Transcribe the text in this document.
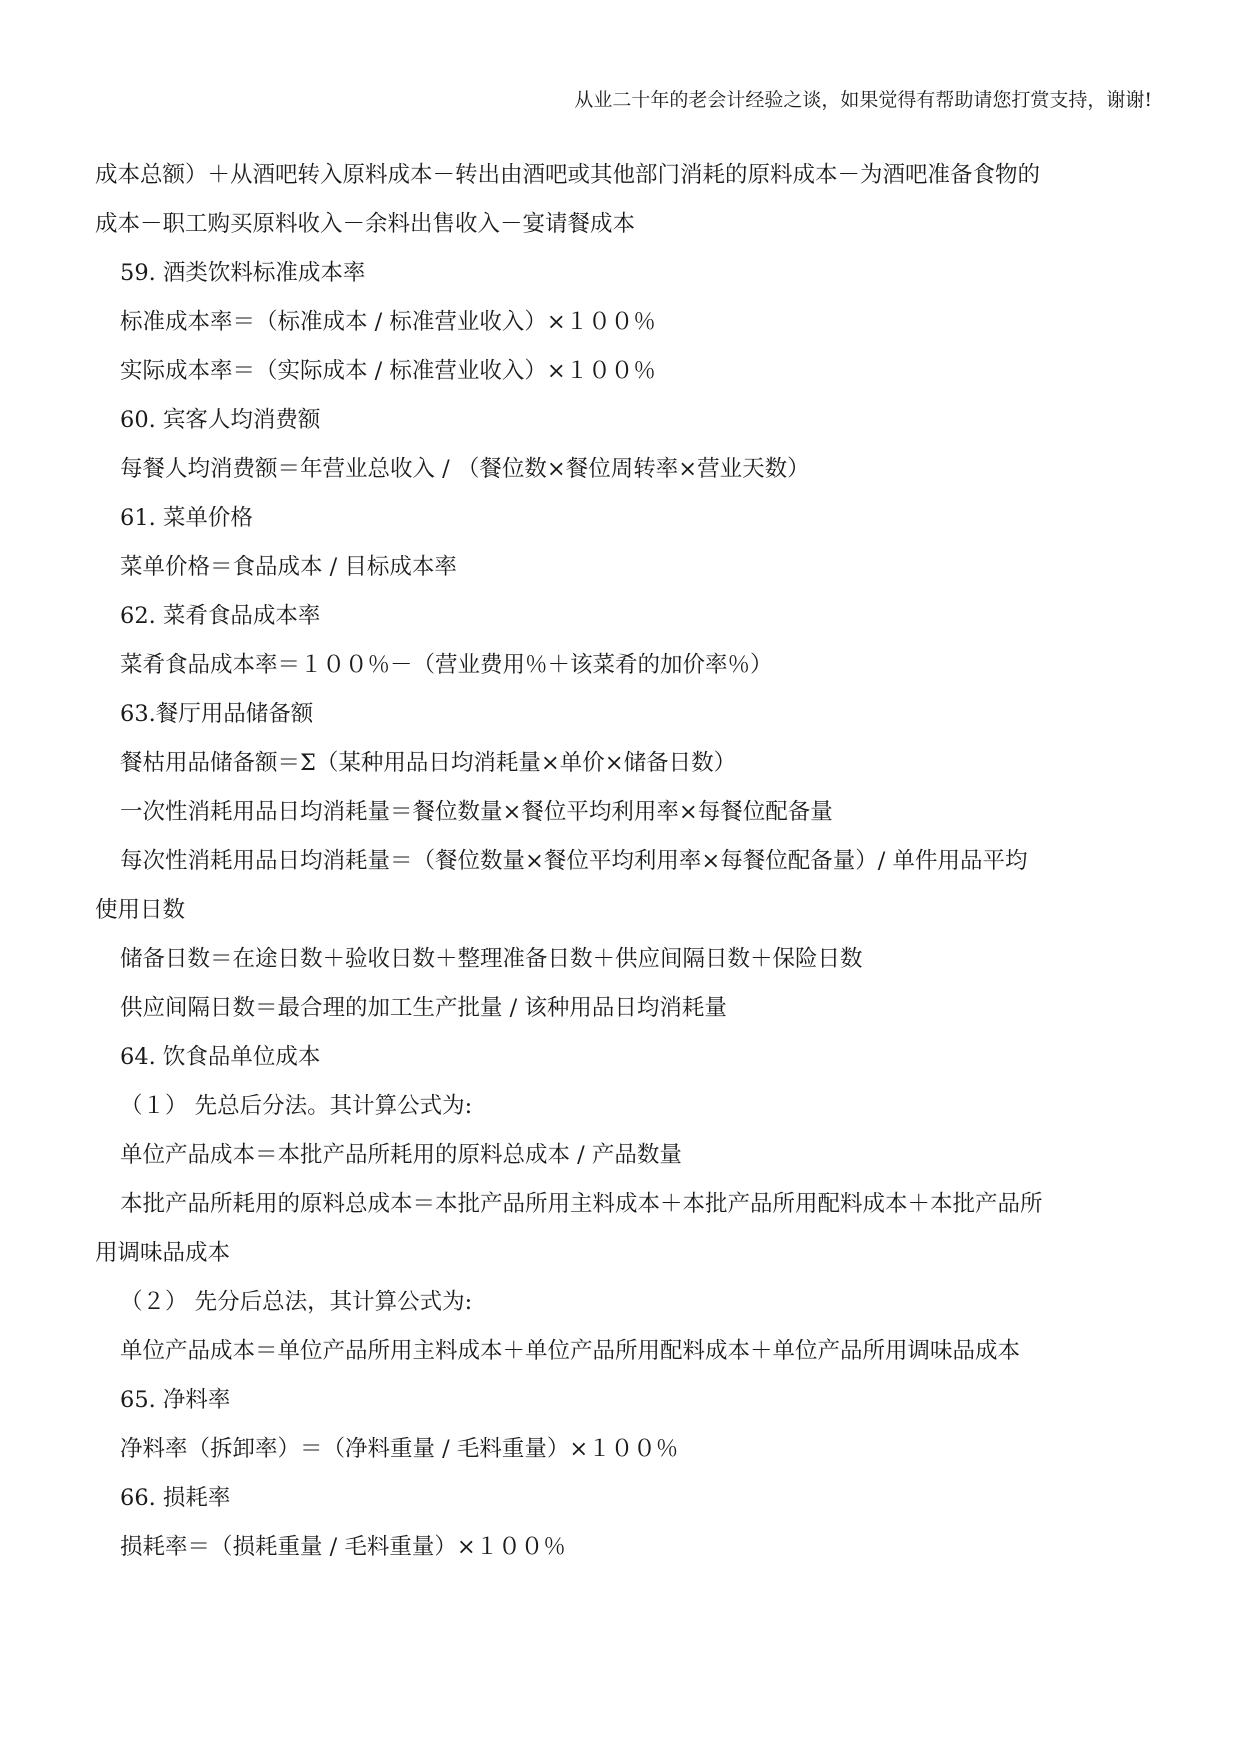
从业二十年的老会计经验之谈，如果觉得有帮助请您打赏支持，谢谢!
成本总额）＋从酒吧转入原料成本－转出由酒吧或其他部门消耗的原料成本－为酒吧准备食物的
成本－职工购买原料收入－余料出售收入－宴请餐成本
59. 酒类饮料标准成本率
标准成本率＝（标准成本 / 标准营业收入）×１００％
实际成本率＝（实际成本 / 标准营业收入）×１００％
60. 宾客人均消费额
每餐人均消费额＝年营业总收入 / （餐位数×餐位周转率×营业天数）
61. 菜单价格
菜单价格＝食品成本 / 目标成本率
62. 菜肴食品成本率
菜肴食品成本率＝１００％－（营业费用％＋该菜肴的加价率％）
63.餐厅用品储备额
餐枯用品储备额＝Σ（某种用品日均消耗量×单价×储备日数）
一次性消耗用品日均消耗量＝餐位数量×餐位平均利用率×每餐位配备量
每次性消耗用品日均消耗量＝（餐位数量×餐位平均利用率×每餐位配备量）/ 单件用品平均
使用日数
储备日数＝在途日数＋验收日数＋整理准备日数＋供应间隔日数＋保险日数
供应间隔日数＝最合理的加工生产批量 / 该种用品日均消耗量
64. 饮食品单位成本
（１） 先总后分法。其计算公式为:
单位产品成本＝本批产品所耗用的原料总成本 / 产品数量
本批产品所耗用的原料总成本＝本批产品所用主料成本＋本批产品所用配料成本＋本批产品所
用调味品成本
（２） 先分后总法，其计算公式为:
单位产品成本＝单位产品所用主料成本＋单位产品所用配料成本＋单位产品所用调味品成本
65. 净料率
净料率（拆卸率）＝（净料重量 / 毛料重量）×１００％
66. 损耗率
损耗率＝（损耗重量 / 毛料重量）×１００％
